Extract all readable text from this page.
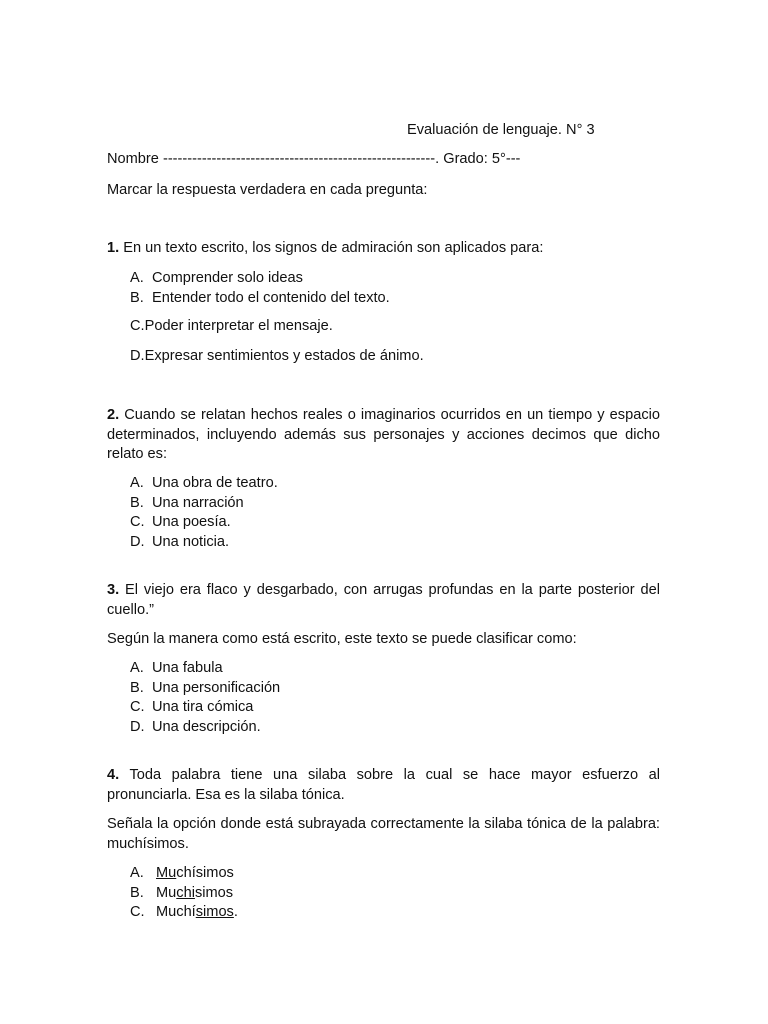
Evaluación de lenguaje. N° 3
Nombre --------------------------------------------------------. Grado: 5°---
Marcar la respuesta verdadera en cada pregunta:
1. En un texto escrito, los signos de admiración son aplicados para:
A. Comprender solo ideas
B. Entender todo el contenido del texto.
C.Poder interpretar el mensaje.
D.Expresar sentimientos y estados de ánimo.
2. Cuando se relatan hechos reales o imaginarios ocurridos en un tiempo y espacio determinados, incluyendo además sus personajes y acciones decimos que dicho relato es:
A. Una obra de teatro.
B. Una narración
C. Una poesía.
D. Una noticia.
3. El viejo era flaco y desgarbado, con arrugas profundas en la parte posterior del cuello.”
Según la manera como está escrito, este texto se puede clasificar como:
A. Una fabula
B. Una personificación
C. Una tira cómica
D. Una descripción.
4. Toda palabra tiene una silaba sobre la cual se hace mayor esfuerzo al pronunciarla. Esa es la silaba tónica.
Señala la opción donde está subrayada correctamente la silaba tónica de la palabra: muchísimos.
A. Muchísimos
B. Muchisimos
C. Muchísimos.
